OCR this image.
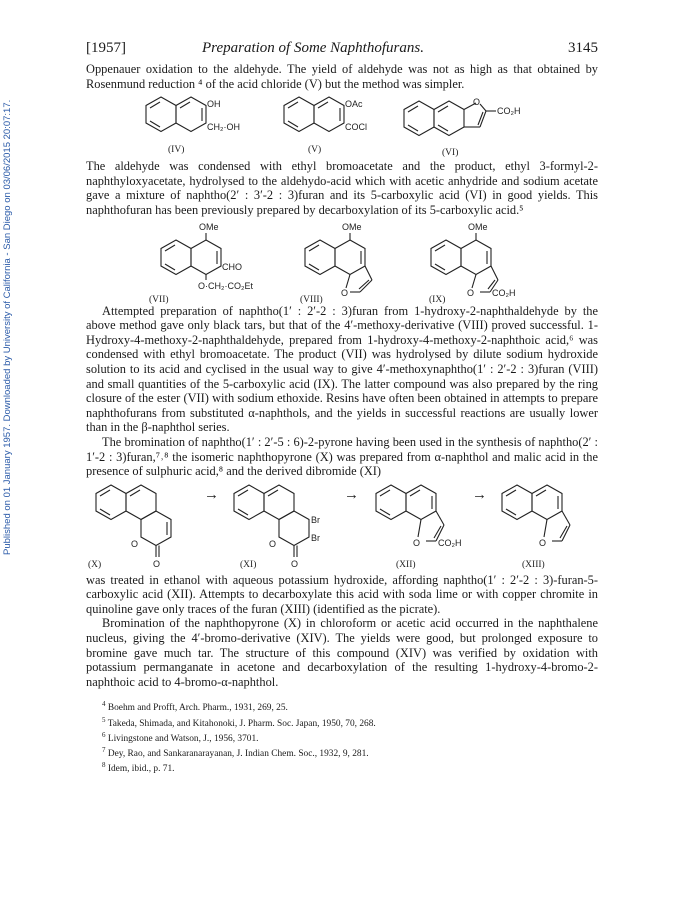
Published on 01 January 1957. Downloaded by University of California - San Diego on 03/06/2015 20:07:17.
[1957]	Preparation of Some Naphthofurans.	3145

Oppenauer oxidation to the aldehyde. The yield of aldehyde was not as high as that obtained by Rosenmund reduction ⁴ of the acid chloride (V) but the method was simpler.

OH
CH₂·OH
(IV)
OAc
COCl
(V)
O
CO₂H
(VI)

The aldehyde was condensed with ethyl bromoacetate and the product, ethyl 3-formyl-2-naphthyloxyacetate, hydrolysed to the aldehydo-acid which with acetic anhydride and sodium acetate gave a mixture of naphtho(2′ : 3′-2 : 3)furan and its 5-carboxylic acid (VI) in good yields. This naphthofuran has been previously prepared by decarboxylation of its 5-carboxylic acid.⁵

OMe
CHO
O·CH₂·CO₂Et
(VII)
OMe
O
(VIII)
OMe
O CO₂H
(IX)

Attempted preparation of naphtho(1′ : 2′-2 : 3)furan from 1-hydroxy-2-naphthaldehyde by the above method gave only black tars, but that of the 4′-methoxy-derivative (VIII) proved successful. 1-Hydroxy-4-methoxy-2-naphthaldehyde, prepared from 1-hydroxy-4-methoxy-2-naphthoic acid,⁶ was condensed with ethyl bromoacetate. The product (VII) was hydrolysed by dilute sodium hydroxide solution to its acid and cyclised in the usual way to give 4′-methoxynaphtho(1′ : 2′-2 : 3)furan (VIII) and small quantities of the 5-carboxylic acid (IX). The latter compound was also prepared by the ring closure of the ester (VII) with sodium ethoxide. Resins have often been obtained in attempts to prepare naphthofurans from substituted α-naphthols, and the yields in successful reactions are usually lower than in the β-naphthol series.

The bromination of naphtho(1′ : 2′-5 : 6)-2-pyrone having been used in the synthesis of naphtho(2′ : 1′-2 : 3)furan,⁷˒⁸ the isomeric naphthopyrone (X) was prepared from α-naphthol and malic acid in the presence of sulphuric acid,⁸ and the derived dibromide (XI)

O
O
(X)
→
Br
Br
O
O
(XI)
→
O CO₂H
(XII)
→
O
(XIII)

was treated in ethanol with aqueous potassium hydroxide, affording naphtho(1′ : 2′-2 : 3)-furan-5-carboxylic acid (XII). Attempts to decarboxylate this acid with soda lime or with copper chromite in quinoline gave only traces of the furan (XIII) (identified as the picrate).

Bromination of the naphthopyrone (X) in chloroform or acetic acid occurred in the naphthalene nucleus, giving the 4′-bromo-derivative (XIV). The yields were good, but prolonged exposure to bromine gave much tar. The structure of this compound (XIV) was verified by oxidation with potassium permanganate in acetone and decarboxylation of the resulting 1-hydroxy-4-bromo-2-naphthoic acid to 4-bromo-α-naphthol.

$^4$ Boehm and Profft, Arch. Pharm., 1931, 269, 25.
$^5$ Takeda, Shimada, and Kitahonoki, J. Pharm. Soc. Japan, 1950, 70, 268.
$^6$ Livingstone and Watson, J., 1956, 3701.
$^7$ Dey, Rao, and Sankaranarayanan, J. Indian Chem. Soc., 1932, 9, 281.
$^8$ Idem, ibid., p. 71.
